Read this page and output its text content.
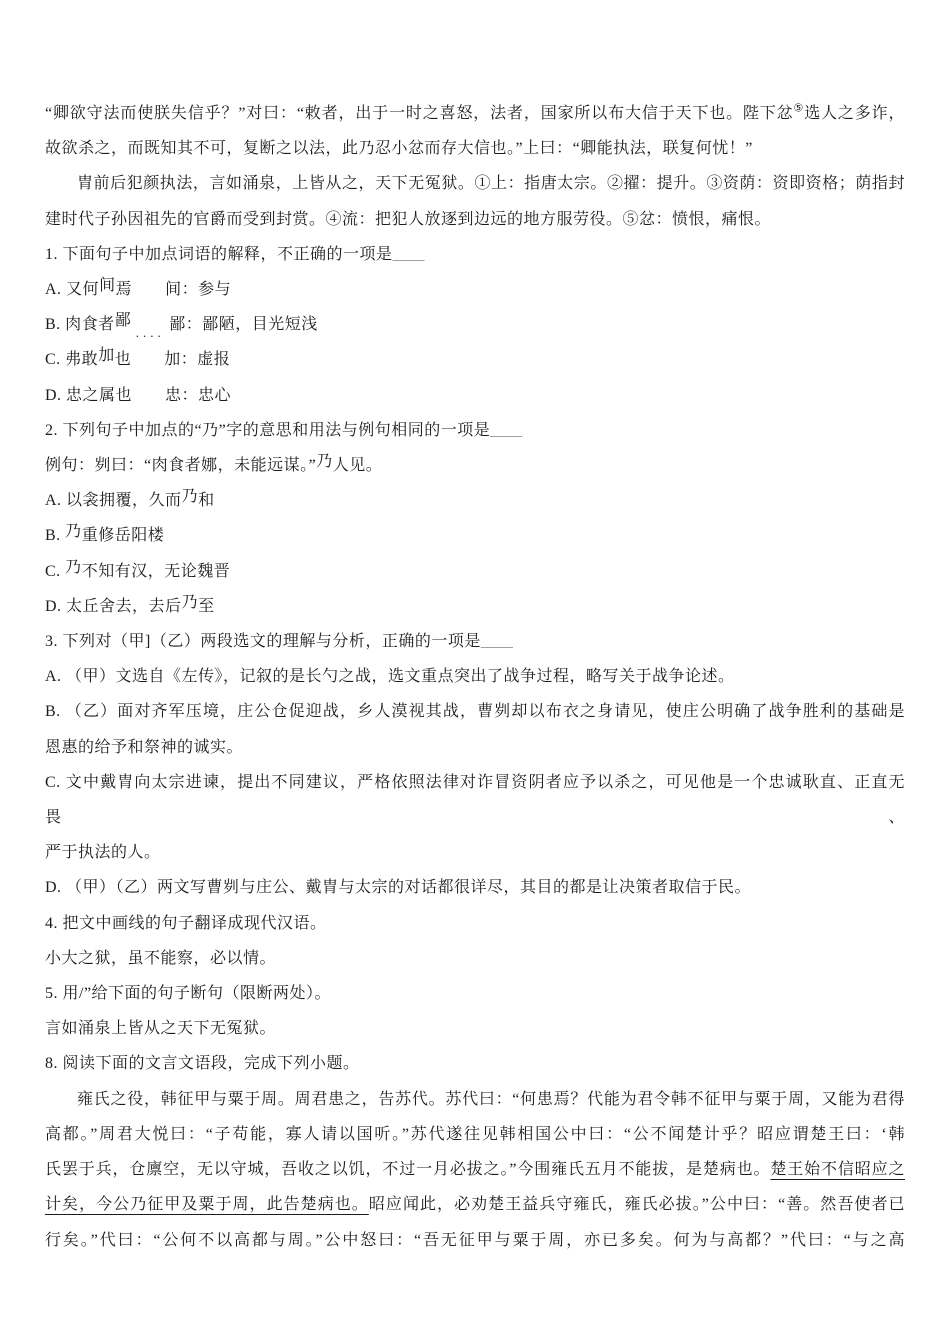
“卿欲守法而使朕失信乎？”对曰：“敕者，出于一时之喜怒，法者，国家所以布大信于天下也。陛下忿⑤选人之多诈，
故欲杀之，而既知其不可，复断之以法，此乃忍小忿而存大信也。”上曰：“卿能执法，联复何忧！”
胄前后犯颜执法，言如涌泉，上皆从之，天下无冤狱。①上：指唐太宗。②擢：提升。③资荫：资即资格；荫指封
建时代子孙因祖先的官爵而受到封赏。④流：把犯人放逐到边远的地方服劳役。⑤忿：愤恨，痛恨。
1. 下面句子中加点词语的解释，不正确的一项是____
A. 又何间焉　　间：参与
B. 肉食者鄙.... 鄙：鄙陋，目光短浅
C. 弗敢加也　　加：虚报
D. 忠之属也　　忠：忠心
2. 下列句子中加点的“乃”字的意思和用法与例句相同的一项是____
例句：刿曰：“肉食者娜，未能远谋。”乃人见。
A. 以衾拥覆，久而乃和
B. 乃重修岳阳楼
C. 乃不知有汉，无论魏晋
D. 太丘舍去，去后乃至
3. 下列对（甲]（乙）两段选文的理解与分析，正确的一项是____
A. （甲）文选自《左传》，记叙的是长勺之战，选文重点突出了战争过程，略写关于战争论述。
B. （乙）面对齐军压境，庄公仓促迎战，乡人漠视其战，曹刿却以布衣之身请见，使庄公明确了战争胜利的基础是
恩惠的给予和祭神的诚实。
C. 文中戴胄向太宗进谏，提出不同建议，严格依照法律对诈冒资阴者应予以杀之，可见他是一个忠诚耿直、正直无畏、
严于执法的人。
D. （甲）（乙）两文写曹刿与庄公、戴胄与太宗的对话都很详尽，其目的都是让决策者取信于民。
4. 把文中画线的句子翻译成现代汉语。
小大之狱，虽不能察，必以情。
5. 用/”给下面的句子断句（限断两处）。
言如涌泉上皆从之天下无冤狱。
8. 阅读下面的文言文语段，完成下列小题。
雍氏之役，韩征甲与粟于周。周君患之，告苏代。苏代曰：“何患焉？代能为君令韩不征甲与粟于周，又能为君得
高都。”周君大悦曰：“子苟能，寡人请以国听。”苏代遂往见韩相国公中曰：“公不闻楚计乎？昭应谓楚王曰：‘韩
氏罢于兵，仓廪空，无以守城，吾收之以饥，不过一月必拔之。”今围雍氏五月不能拔，是楚病也。楚王始不信昭应之
计矣，今公乃征甲及粟于周，此告楚病也。昭应闻此，必劝楚王益兵守雍氏，雍氏必拔。”公中曰：“善。然吾使者已
行矣。”代曰：“公何不以高都与周。”公中怒曰：“吾无征甲与粟于周，亦已多矣。何为与高都？”代曰：“与之高
